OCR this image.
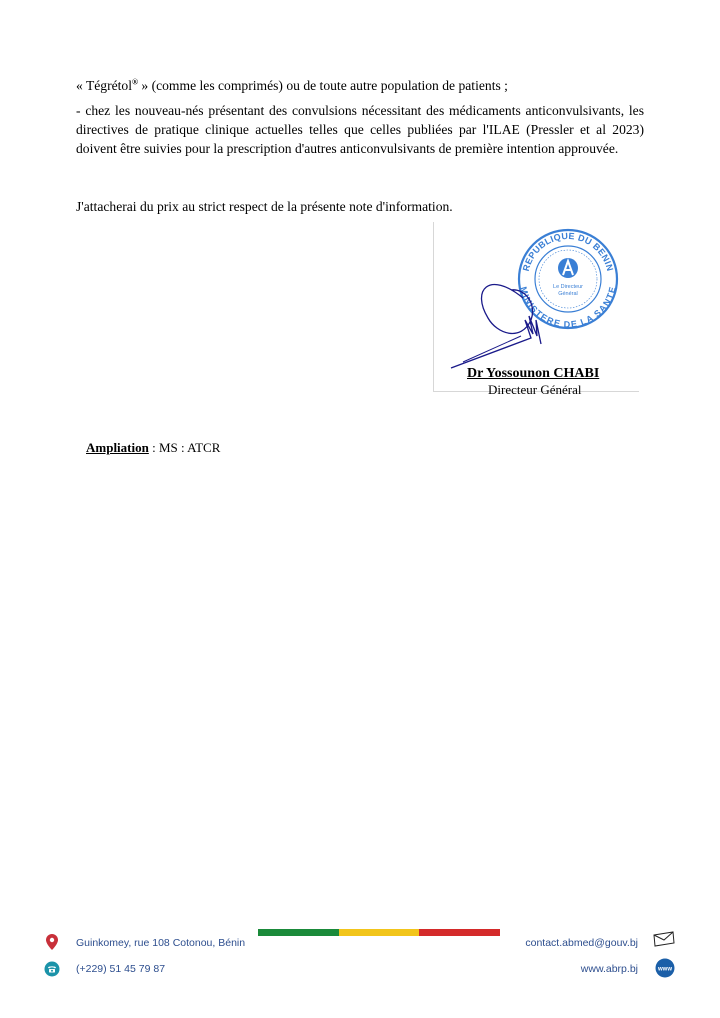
« Tégrétol® » (comme les comprimés) ou de toute autre population de patients ;
- chez les nouveau-nés présentant des convulsions nécessitant des médicaments anticonvulsivants, les directives de pratique clinique actuelles telles que celles publiées par l'ILAE (Pressler et al 2023) doivent être suivies pour la prescription d'autres anticonvulsivants de première intention approuvée.
J'attacherai du prix au strict respect de la présente note d'information.
REPUBLIQUE DU BENIN
MINISTERE DE LA SANTE
Le Directeur
Général
Dr Yossounon CHABI
Directeur Général
Ampliation : MS : ATCR
Guinkomey, rue 108 Cotonou, Bénin
(+229) 51 45 79 87
contact.abmed@gouv.bj
www.abrp.bj	www
